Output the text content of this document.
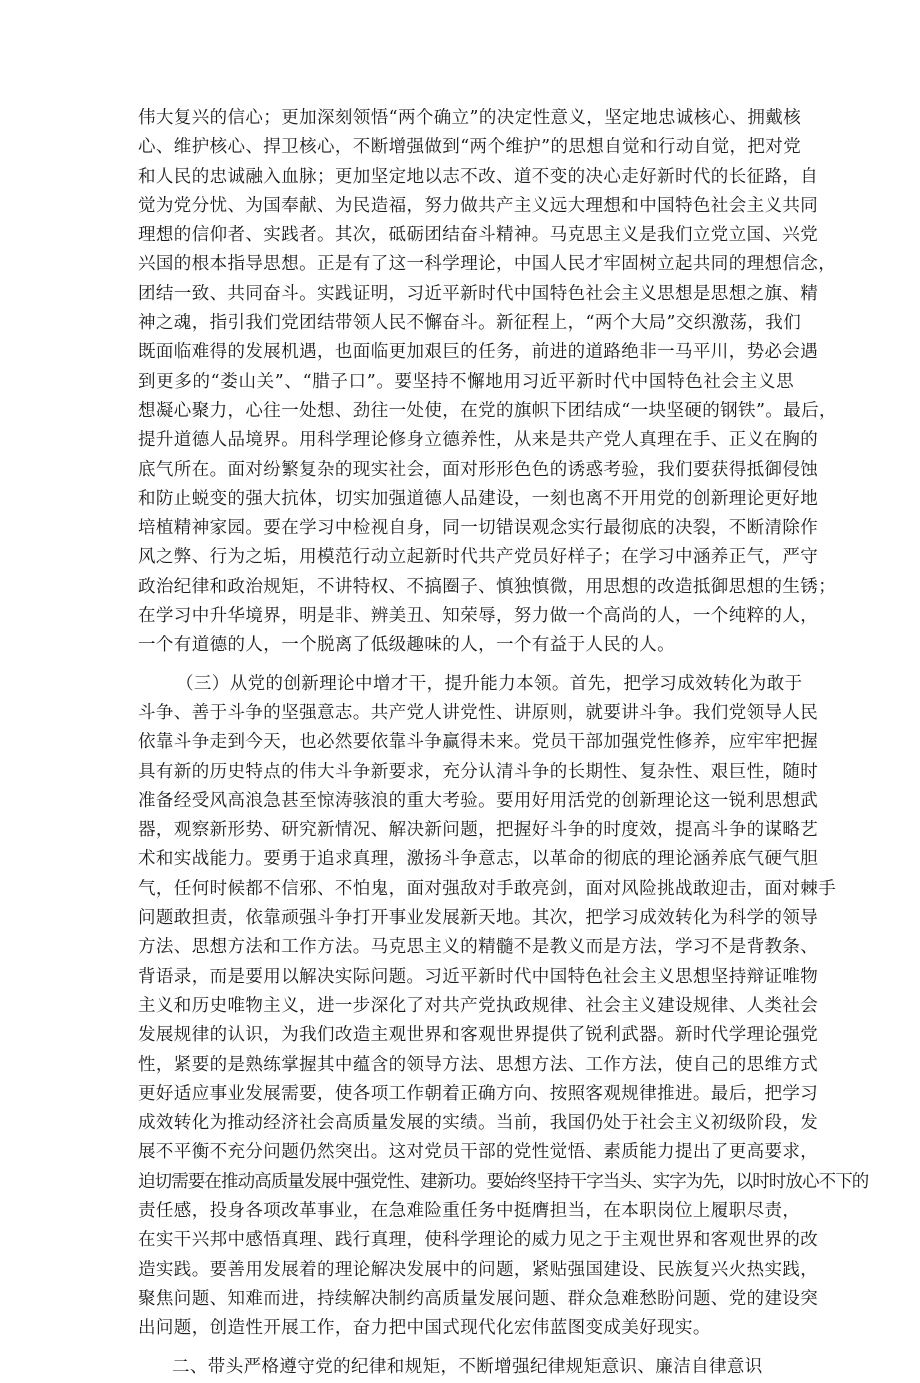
伟大复兴的信心；更加深刻领悟“两个确立”的决定性意义，坚定地忠诚核心、拥戴核
心、维护核心、捍卫核心，不断增强做到“两个维护”的思想自觉和行动自觉，把对党
和人民的忠诚融入血脉；更加坚定地以志不改、道不变的决心走好新时代的长征路，自
觉为党分忧、为国奉献、为民造福，努力做共产主义远大理想和中国特色社会主义共同
理想的信仰者、实践者。其次，砥砺团结奋斗精神。马克思主义是我们立党立国、兴党
兴国的根本指导思想。正是有了这一科学理论，中国人民才牢固树立起共同的理想信念，
团结一致、共同奋斗。实践证明，习近平新时代中国特色社会主义思想是思想之旗、精
神之魂，指引我们党团结带领人民不懈奋斗。新征程上，“两个大局”交织激荡，我们
既面临难得的发展机遇，也面临更加艰巨的任务，前进的道路绝非一马平川，势必会遇
到更多的“娄山关”、“腊子口”。要坚持不懈地用习近平新时代中国特色社会主义思
想凝心聚力，心往一处想、劲往一处使，在党的旗帜下团结成“一块坚硬的钢铁”。最后，
提升道德人品境界。用科学理论修身立德养性，从来是共产党人真理在手、正义在胸的
底气所在。面对纷繁复杂的现实社会，面对形形色色的诱惑考验，我们要获得抵御侵蚀
和防止蜕变的强大抗体，切实加强道德人品建设，一刻也离不开用党的创新理论更好地
培植精神家园。要在学习中检视自身，同一切错误观念实行最彻底的决裂，不断清除作
风之弊、行为之垢，用模范行动立起新时代共产党员好样子；在学习中涵养正气，严守
政治纪律和政治规矩，不讲特权、不搞圈子、慎独慎微，用思想的改造抵御思想的生锈；
在学习中升华境界，明是非、辨美丑、知荣辱，努力做一个高尚的人，一个纯粹的人，
一个有道德的人，一个脱离了低级趣味的人，一个有益于人民的人。
（三）从党的创新理论中增才干，提升能力本领。首先，把学习成效转化为敢于
斗争、善于斗争的坚强意志。共产党人讲党性、讲原则，就要讲斗争。我们党领导人民
依靠斗争走到今天，也必然要依靠斗争赢得未来。党员干部加强党性修养，应牢牢把握
具有新的历史特点的伟大斗争新要求，充分认清斗争的长期性、复杂性、艰巨性，随时
准备经受风高浪急甚至惊涛骇浪的重大考验。要用好用活党的创新理论这一锐利思想武
器，观察新形势、研究新情况、解决新问题，把握好斗争的时度效，提高斗争的谋略艺
术和实战能力。要勇于追求真理，激扬斗争意志，以革命的彻底的理论涵养底气硬气胆
气，任何时候都不信邪、不怕鬼，面对强敌对手敢亮剑，面对风险挑战敢迎击，面对棘手
问题敢担责，依靠顽强斗争打开事业发展新天地。其次，把学习成效转化为科学的领导
方法、思想方法和工作方法。马克思主义的精髓不是教义而是方法，学习不是背教条、
背语录，而是要用以解决实际问题。习近平新时代中国特色社会主义思想坚持辩证唯物
主义和历史唯物主义，进一步深化了对共产党执政规律、社会主义建设规律、人类社会
发展规律的认识，为我们改造主观世界和客观世界提供了锐利武器。新时代学理论强党
性，紧要的是熟练掌握其中蕴含的领导方法、思想方法、工作方法，使自己的思维方式
更好适应事业发展需要，使各项工作朝着正确方向、按照客观规律推进。最后，把学习
成效转化为推动经济社会高质量发展的实绩。当前，我国仍处于社会主义初级阶段，发
展不平衡不充分问题仍然突出。这对党员干部的党性觉悟、素质能力提出了更高要求，
迫切需要在推动高质量发展中强党性、建新功。要始终坚持干字当头、实字为先，以时时放心不下的
责任感，投身各项改革事业，在急难险重任务中挺膺担当，在本职岗位上履职尽责，
在实干兴邦中感悟真理、践行真理，使科学理论的威力见之于主观世界和客观世界的改
造实践。要善用发展着的理论解决发展中的问题，紧贴强国建设、民族复兴火热实践，
聚焦问题、知难而进，持续解决制约高质量发展问题、群众急难愁盼问题、党的建设突
出问题，创造性开展工作，奋力把中国式现代化宏伟蓝图变成美好现实。
二、带头严格遵守党的纪律和规矩，不断增强纪律规矩意识、廉洁自律意识
